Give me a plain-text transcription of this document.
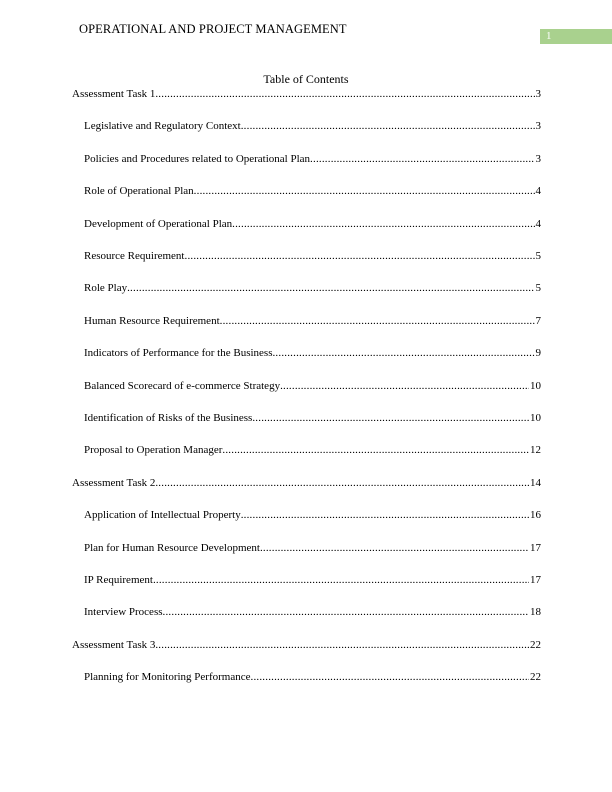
OPERATIONAL AND PROJECT MANAGEMENT	1
Table of Contents
Assessment Task 1 .....	3
Legislative and Regulatory Context .....	3
Policies and Procedures related to Operational Plan .....	3
Role of Operational Plan .....	4
Development of Operational Plan .....	4
Resource Requirement .....	5
Role Play .....	5
Human Resource Requirement .....	7
Indicators of Performance for the Business .....	9
Balanced Scorecard of e-commerce Strategy .....	10
Identification of Risks of the Business .....	10
Proposal to Operation Manager .....	12
Assessment Task 2 .....	14
Application of Intellectual Property .....	16
Plan for Human Resource Development .....	17
IP Requirement .....	17
Interview Process .....	18
Assessment Task 3 .....	22
Planning for Monitoring Performance .....	22
